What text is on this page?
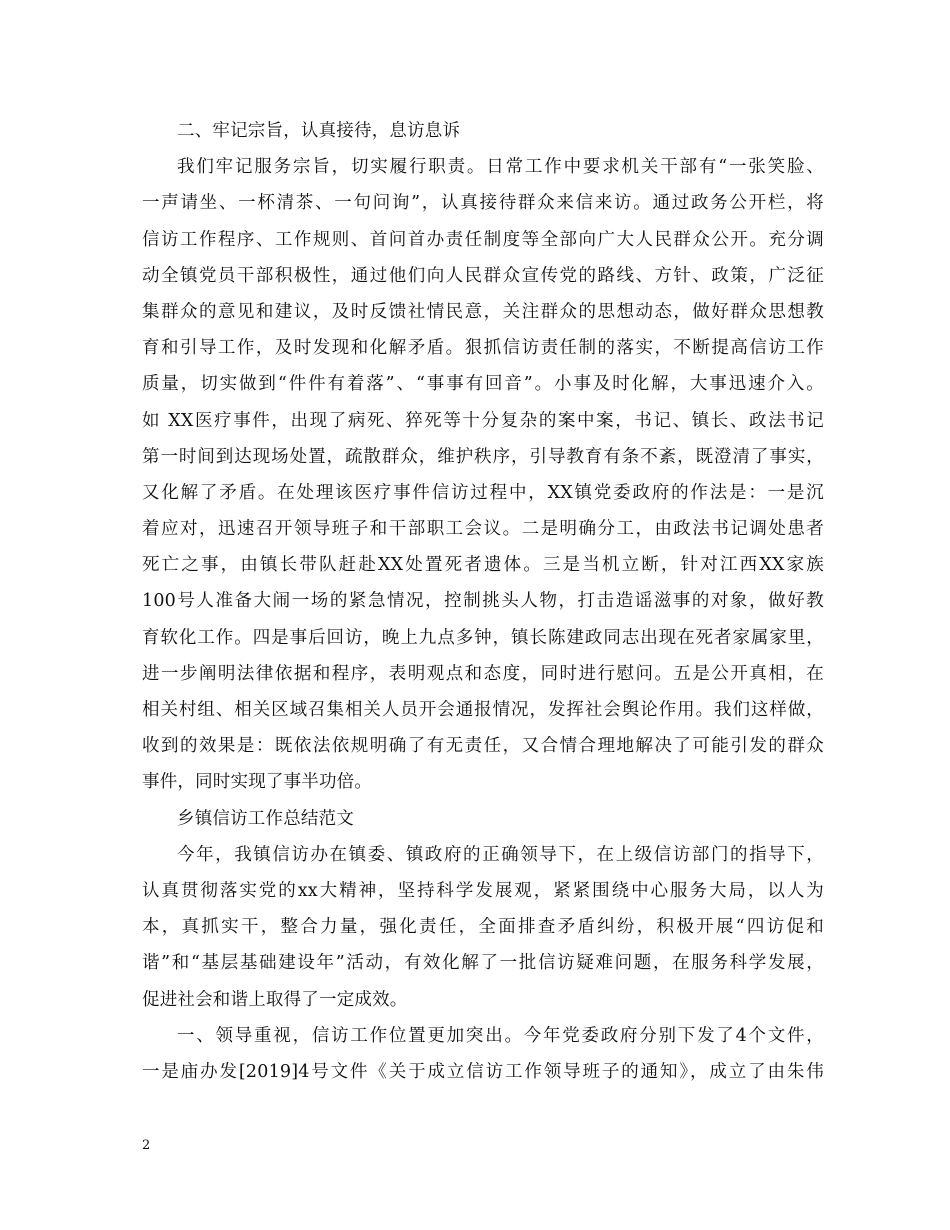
二、牢记宗旨，认真接待，息访息诉
我们牢记服务宗旨，切实履行职责。日常工作中要求机关干部有“一张笑脸、
一声请坐、一杯清茶、一句问询”，认真接待群众来信来访。通过政务公开栏，将
信访工作程序、工作规则、首问首办责任制度等全部向广大人民群众公开。充分调
动全镇党员干部积极性，通过他们向人民群众宣传党的路线、方针、政策，广泛征
集群众的意见和建议，及时反馈社情民意，关注群众的思想动态，做好群众思想教
育和引导工作，及时发现和化解矛盾。狠抓信访责任制的落实，不断提高信访工作
质量，切实做到“件件有着落”、“事事有回音”。小事及时化解，大事迅速介入。
如 XX医疗事件，出现了病死、猝死等十分复杂的案中案，书记、镇长、政法书记
第一时间到达现场处置，疏散群众，维护秩序，引导教育有条不紊，既澄清了事实，
又化解了矛盾。在处理该医疗事件信访过程中，XX镇党委政府的作法是：一是沉
着应对，迅速召开领导班子和干部职工会议。二是明确分工，由政法书记调处患者
死亡之事，由镇长带队赶赴XX处置死者遗体。三是当机立断，针对江西XX家族
100号人准备大闹一场的紧急情况，控制挑头人物，打击造谣滋事的对象，做好教
育软化工作。四是事后回访，晚上九点多钟，镇长陈建政同志出现在死者家属家里，
进一步阐明法律依据和程序，表明观点和态度，同时进行慰问。五是公开真相，在
相关村组、相关区域召集相关人员开会通报情况，发挥社会舆论作用。我们这样做，
收到的效果是：既依法依规明确了有无责任，又合情合理地解决了可能引发的群众
事件，同时实现了事半功倍。
乡镇信访工作总结范文
今年，我镇信访办在镇委、镇政府的正确领导下，在上级信访部门的指导下，
认真贯彻落实党的xx大精神，坚持科学发展观，紧紧围绕中心服务大局，以人为
本，真抓实干，整合力量，强化责任，全面排查矛盾纠纷，积极开展“四访促和
谐”和“基层基础建设年”活动，有效化解了一批信访疑难问题，在服务科学发展，
促进社会和谐上取得了一定成效。
一、领导重视，信访工作位置更加突出。今年党委政府分别下发了4个文件，
一是庙办发[2019]4号文件《关于成立信访工作领导班子的通知》，成立了由朱伟
2
